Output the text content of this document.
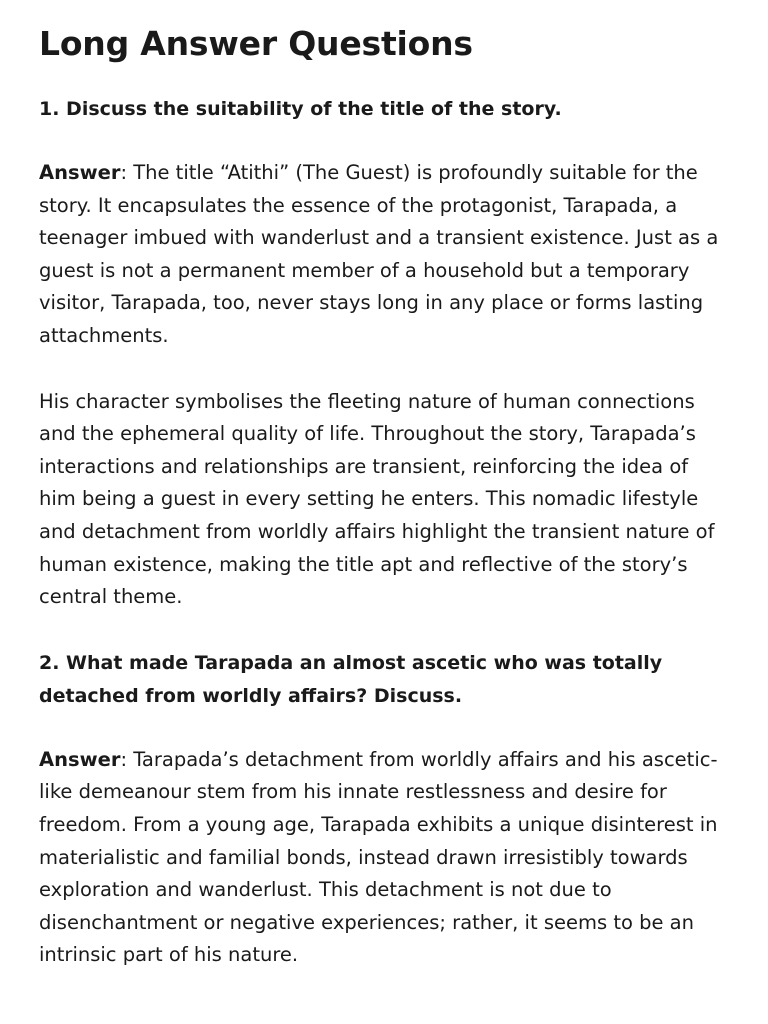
Long Answer Questions

1. Discuss the suitability of the title of the story.

Answer: The title “Atithi” (The Guest) is profoundly suitable for the story. It encapsulates the essence of the protagonist, Tarapada, a teenager imbued with wanderlust and a transient existence. Just as a guest is not a permanent member of a household but a temporary visitor, Tarapada, too, never stays long in any place or forms lasting attachments.

His character symbolises the fleeting nature of human connections and the ephemeral quality of life. Throughout the story, Tarapada’s interactions and relationships are transient, reinforcing the idea of him being a guest in every setting he enters. This nomadic lifestyle and detachment from worldly affairs highlight the transient nature of human existence, making the title apt and reflective of the story’s central theme.

2. What made Tarapada an almost ascetic who was totally detached from worldly affairs? Discuss.

Answer: Tarapada’s detachment from worldly affairs and his ascetic-like demeanour stem from his innate restlessness and desire for freedom. From a young age, Tarapada exhibits a unique disinterest in materialistic and familial bonds, instead drawn irresistibly towards exploration and wanderlust. This detachment is not due to disenchantment or negative experiences; rather, it seems to be an intrinsic part of his nature.
